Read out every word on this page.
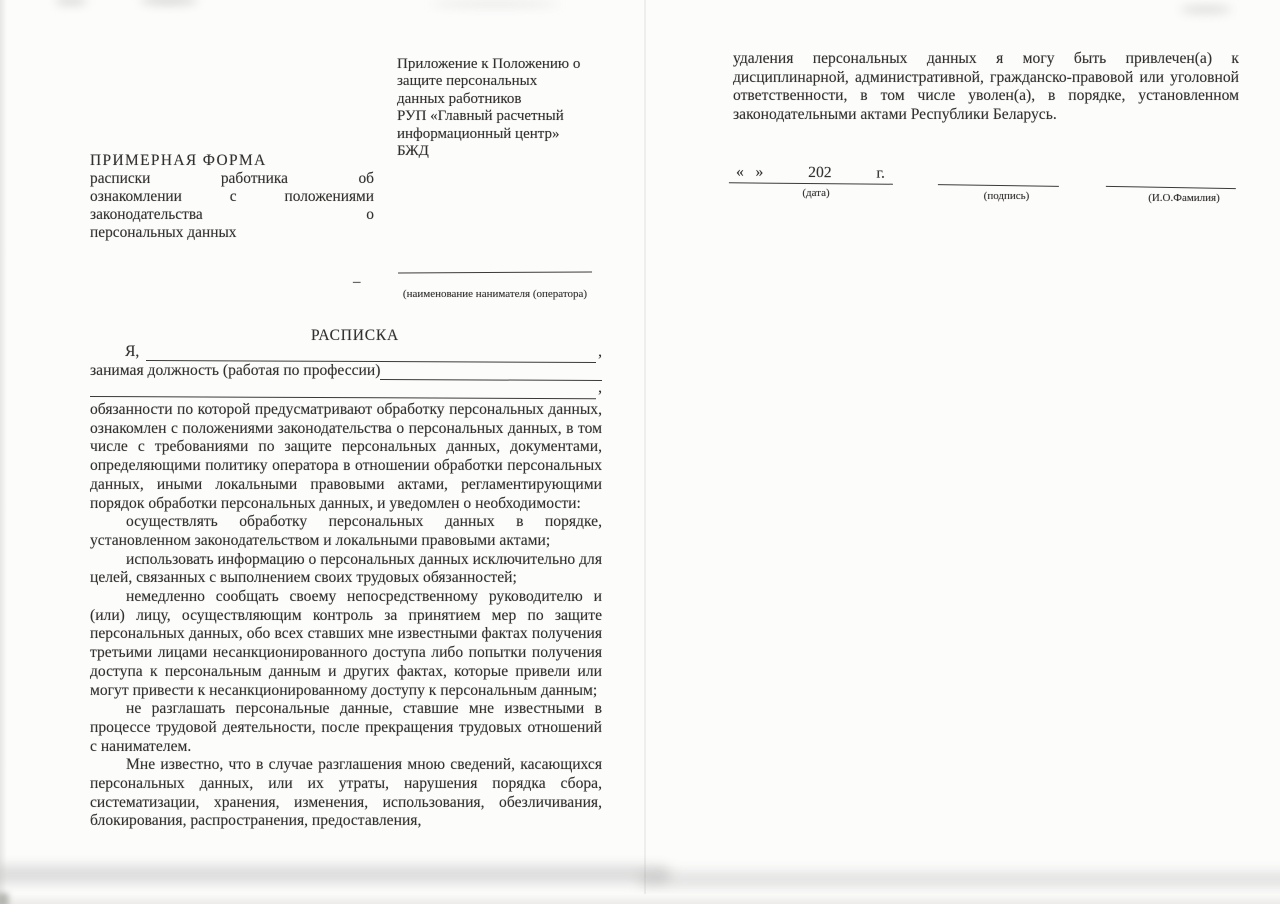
Приложение к Положению о
защите персональных
данных работников
РУП «Главный расчетный
информационный центр»
БЖД
ПРИМЕРНАЯ ФОРМА
расписки работника об
ознакомлении с положениями
законодательства о
персональных данных
–
(наименование нанимателя (оператора)
РАСПИСКА
Я,	,
занимая должность (работая по профессии)
,

обязанности по которой предусматривают обработку персональных данных, ознакомлен с положениями законодательства о персональных данных, в том числе с требованиями по защите персональных данных, документами, определяющими политику оператора в отношении обработки персональных данных, иными локальными правовыми актами, регламентирующими порядок обработки персональных данных, и уведомлен о необходимости:

осуществлять обработку персональных данных в порядке, установленном законодательством и локальными правовыми актами;

использовать информацию о персональных данных исключительно для целей, связанных с выполнением своих трудовых обязанностей;

немедленно сообщать своему непосредственному руководителю и (или) лицу, осуществляющим контроль за принятием мер по защите персональных данных, обо всех ставших мне известными фактах получения третьими лицами несанкционированного доступа либо попытки получения доступа к персональным данным и других фактах, которые привели или могут привести к несанкционированному доступу к персональным данным;

не разглашать персональные данные, ставшие мне известными в процессе трудовой деятельности, после прекращения трудовых отношений с нанимателем.

Мне известно, что в случае разглашения мною сведений, касающихся персональных данных, или их утраты, нарушения порядка сбора, систематизации, хранения, изменения, использования, обезличивания, блокирования, распространения, предоставления,

удаления персональных данных я могу быть привлечен(а) к дисциплинарной, административной, гражданско-правовой или уголовной ответственности, в том числе уволен(а), в порядке, установленном законодательными актами Республики Беларусь.

«   »	202	г.
(дата)	(подпись)	(И.О.Фамилия)
